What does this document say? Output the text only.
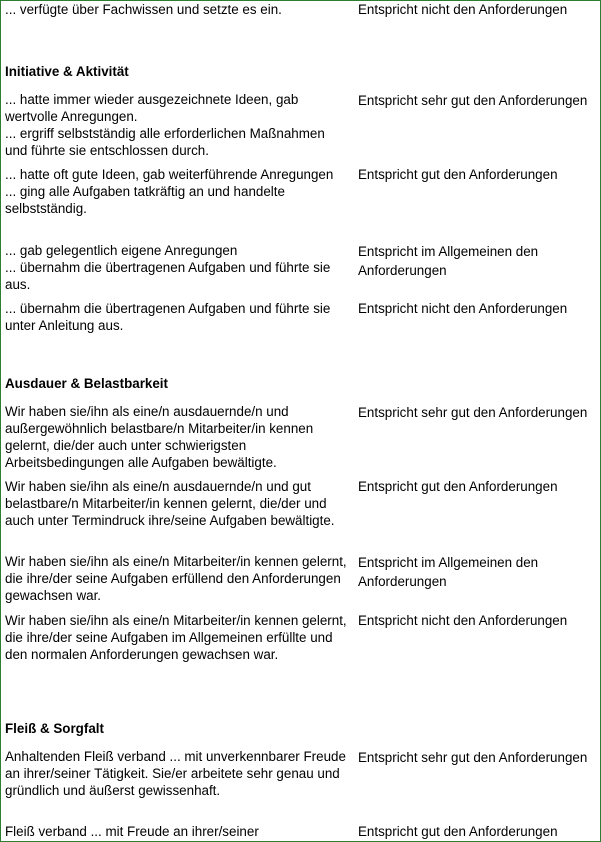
... verfügte über Fachwissen und setzte es ein.	Entspricht nicht den Anforderungen
Initiative & Aktivität
... hatte immer wieder ausgezeichnete Ideen, gab wertvolle Anregungen.
... ergriff selbstständig alle erforderlichen Maßnahmen und führte sie entschlossen durch.
Entspricht sehr gut den Anforderungen
... hatte oft gute Ideen, gab weiterführende Anregungen
... ging alle Aufgaben tatkräftig an und handelte selbstständig.
Entspricht gut den Anforderungen
... gab gelegentlich eigene Anregungen
... übernahm die übertragenen Aufgaben und führte sie aus.
Entspricht im Allgemeinen den Anforderungen
... übernahm die übertragenen Aufgaben und führte sie unter Anleitung aus.
Entspricht nicht den Anforderungen
Ausdauer & Belastbarkeit
Wir haben sie/ihn als eine/n ausdauernde/n und außergewöhnlich belastbare/n Mitarbeiter/in kennen gelernt, die/der auch unter schwierigsten Arbeitsbedingungen alle Aufgaben bewältigte.
Entspricht sehr gut den Anforderungen
Wir haben sie/ihn als eine/n ausdauernde/n und gut belastbare/n Mitarbeiter/in kennen gelernt, die/der und auch unter Termindruck ihre/seine Aufgaben bewältigte.
Entspricht gut den Anforderungen
Wir haben sie/ihn als eine/n Mitarbeiter/in kennen gelernt, die ihre/der seine Aufgaben erfüllend den Anforderungen gewachsen war.
Entspricht im Allgemeinen den Anforderungen
Wir haben sie/ihn als eine/n Mitarbeiter/in kennen gelernt, die ihre/der seine Aufgaben im Allgemeinen erfüllte und den normalen Anforderungen gewachsen war.
Entspricht nicht den Anforderungen
Fleiß & Sorgfalt
Anhaltenden Fleiß verband ... mit unverkennbarer Freude an ihrer/seiner Tätigkeit. Sie/er arbeitete sehr genau und gründlich und äußerst gewissenhaft.
Entspricht sehr gut den Anforderungen
Fleiß verband ... mit Freude an ihrer/seiner	Entspricht gut den Anforderungen
